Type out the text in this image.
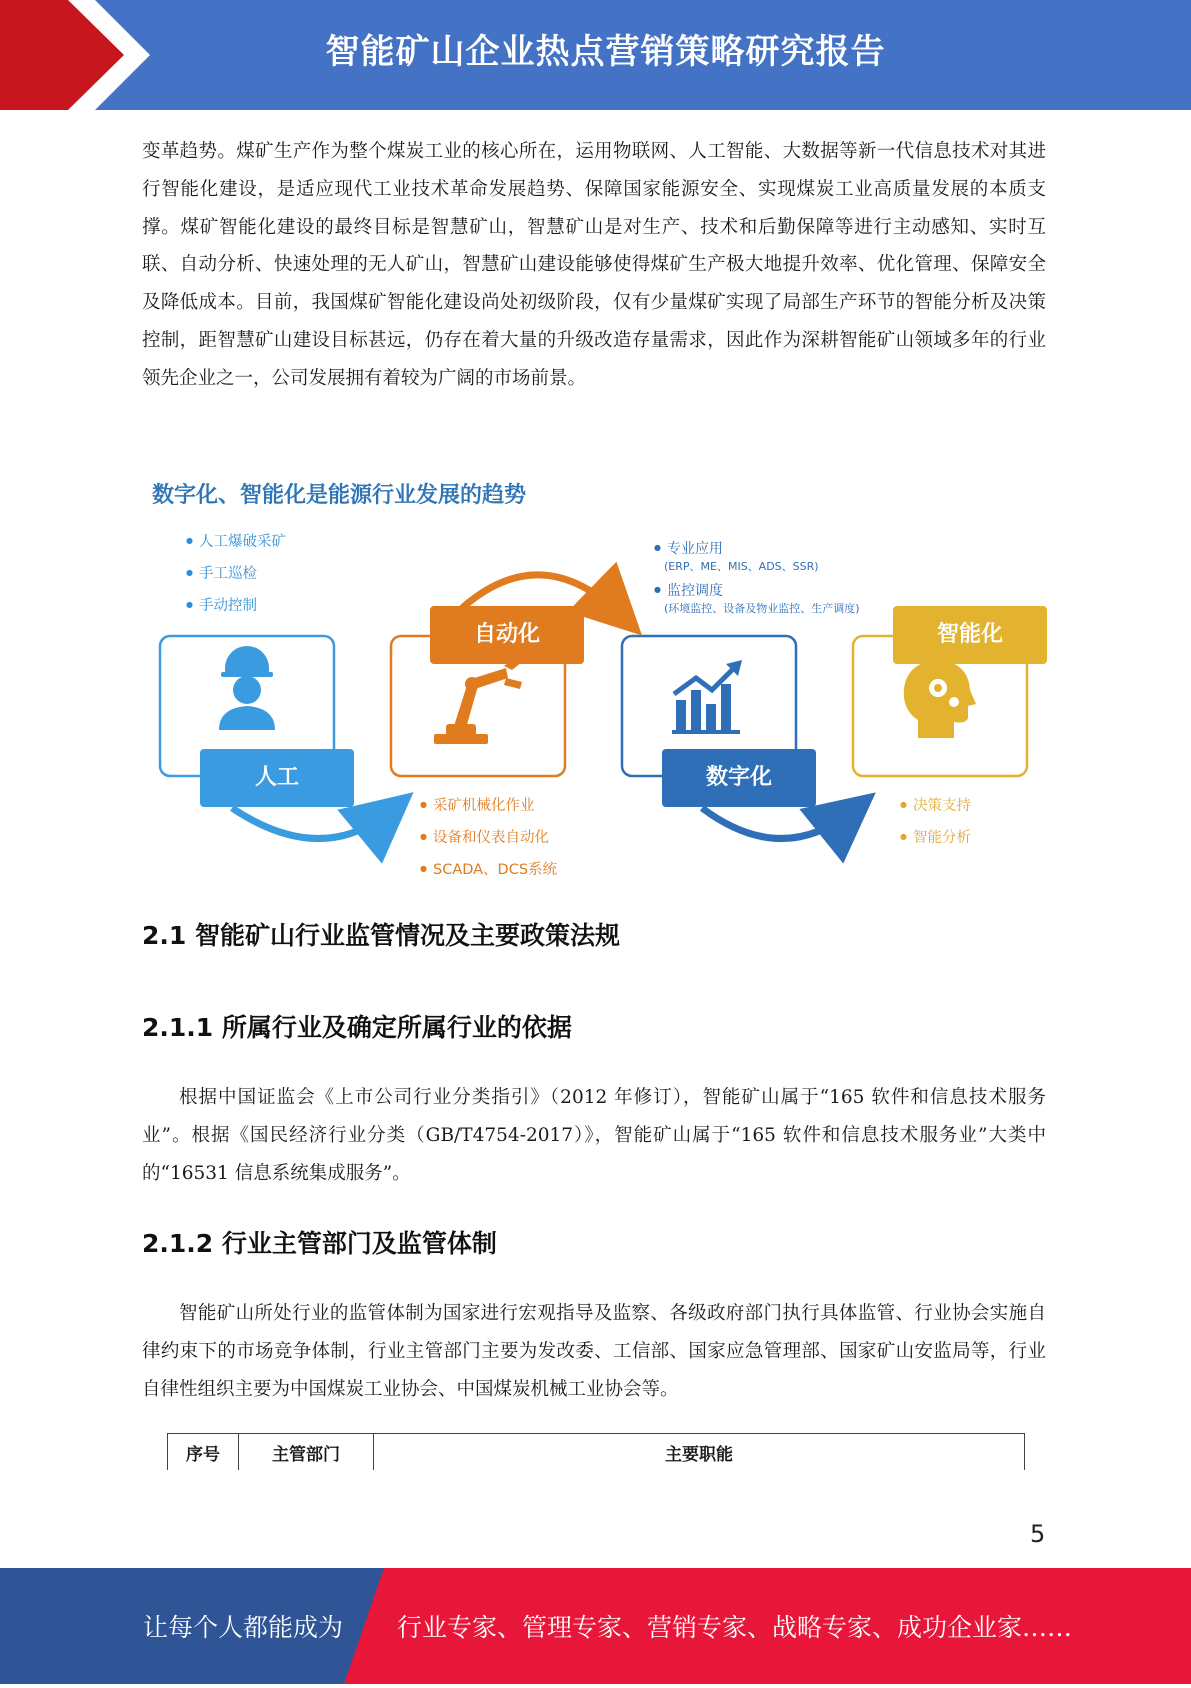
智能矿山企业热点营销策略研究报告

变革趋势。煤矿生产作为整个煤炭工业的核心所在，运用物联网、人工智能、大数据等新一代信息技术对其进行智能化建设，是适应现代工业技术革命发展趋势、保障国家能源安全、实现煤炭工业高质量发展的本质支撑。煤矿智能化建设的最终目标是智慧矿山，智慧矿山是对生产、技术和后勤保障等进行主动感知、实时互联、自动分析、快速处理的无人矿山，智慧矿山建设能够使得煤矿生产极大地提升效率、优化管理、保障安全及降低成本。目前，我国煤矿智能化建设尚处初级阶段，仅有少量煤矿实现了局部生产环节的智能分析及决策控制，距智慧矿山建设目标甚远，仍存在着大量的升级改造存量需求，因此作为深耕智能矿山领域多年的行业领先企业之一，公司发展拥有着较为广阔的市场前景。

数字化、智能化是能源行业发展的趋势
● 人工爆破采矿
● 手工巡检
● 手动控制
● 专业应用
(ERP、ME、MIS、ADS、SSR)
● 监控调度
(环境监控、设备及物业监控、生产调度)
人工
自动化
数字化
智能化
● 采矿机械化作业
● 设备和仪表自动化
● SCADA、DCS系统
● 决策支持
● 智能分析
2.1 智能矿山行业监管情况及主要政策法规
2.1.1 所属行业及确定所属行业的依据

根据中国证监会《上市公司行业分类指引》（2012 年修订），智能矿山属于“165 软件和信息技术服务业”。根据《国民经济行业分类（GB/T4754-2017）》，智能矿山属于“165 软件和信息技术服务业”大类中的“16531 信息系统集成服务”。

2.1.2 行业主管部门及监管体制

智能矿山所处行业的监管体制为国家进行宏观指导及监察、各级政府部门执行具体监管、行业协会实施自律约束下的市场竞争体制，行业主管部门主要为发改委、工信部、国家应急管理部、国家矿山安监局等，行业自律性组织主要为中国煤炭工业协会、中国煤炭机械工业协会等。

序号	主管部门	主要职能
5
让每个人都能成为 行业专家、管理专家、营销专家、战略专家、成功企业家……
